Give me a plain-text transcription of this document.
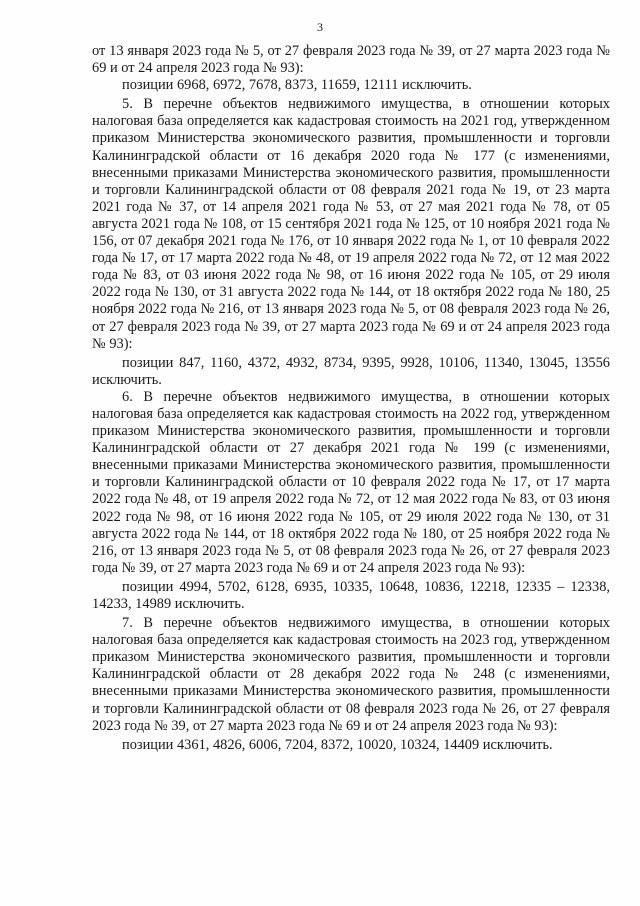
3

от 13 января 2023 года № 5, от 27 февраля 2023 года № 39, от 27 марта 2023 года № 69 и от 24 апреля 2023 года № 93):

позиции 6968, 6972, 7678, 8373, 11659, 12111 исключить.

5. В перечне объектов недвижимого имущества, в отношении которых налоговая база определяется как кадастровая стоимость на 2021 год, утвержденном приказом Министерства экономического развития, промышленности и торговли Калининградской области от 16 декабря 2020 года № 177 (с изменениями, внесенными приказами Министерства экономического развития, промышленности и торговли Калининградской области от 08 февраля 2021 года № 19, от 23 марта 2021 года № 37, от 14 апреля 2021 года № 53, от 27 мая 2021 года № 78, от 05 августа 2021 года № 108, от 15 сентября 2021 года № 125, от 10 ноября 2021 года № 156, от 07 декабря 2021 года № 176, от 10 января 2022 года № 1, от 10 февраля 2022 года № 17, от 17 марта 2022 года № 48, от 19 апреля 2022 года № 72, от 12 мая 2022 года № 83, от 03 июня 2022 года № 98, от 16 июня 2022 года № 105, от 29 июля 2022 года № 130, от 31 августа 2022 года № 144, от 18 октября 2022 года № 180, 25 ноября 2022 года № 216, от 13 января 2023 года № 5, от 08 февраля 2023 года № 26, от 27 февраля 2023 года № 39, от 27 марта 2023 года № 69 и от 24 апреля 2023 года № 93):

позиции 847, 1160, 4372, 4932, 8734, 9395, 9928, 10106, 11340, 13045, 13556 исключить.

6. В перечне объектов недвижимого имущества, в отношении которых налоговая база определяется как кадастровая стоимость на 2022 год, утвержденном приказом Министерства экономического развития, промышленности и торговли Калининградской области от 27 декабря 2021 года № 199 (с изменениями, внесенными приказами Министерства экономического развития, промышленности и торговли Калининградской области от 10 февраля 2022 года № 17, от 17 марта 2022 года № 48, от 19 апреля 2022 года № 72, от 12 мая 2022 года № 83, от 03 июня 2022 года № 98, от 16 июня 2022 года № 105, от 29 июля 2022 года № 130, от 31 августа 2022 года № 144, от 18 октября 2022 года № 180, от 25 ноября 2022 года № 216, от 13 января 2023 года № 5, от 08 февраля 2023 года № 26, от 27 февраля 2023 года № 39, от 27 марта 2023 года № 69 и от 24 апреля 2023 года № 93):

позиции 4994, 5702, 6128, 6935, 10335, 10648, 10836, 12218, 12335 – 12338, 14233, 14989 исключить.

7. В перечне объектов недвижимого имущества, в отношении которых налоговая база определяется как кадастровая стоимость на 2023 год, утвержденном приказом Министерства экономического развития, промышленности и торговли Калининградской области от 28 декабря 2022 года № 248 (с изменениями, внесенными приказами Министерства экономического развития, промышленности и торговли Калининградской области от 08 февраля 2023 года № 26, от 27 февраля 2023 года № 39, от 27 марта 2023 года № 69 и от 24 апреля 2023 года № 93):

позиции 4361, 4826, 6006, 7204, 8372, 10020, 10324, 14409 исключить.
